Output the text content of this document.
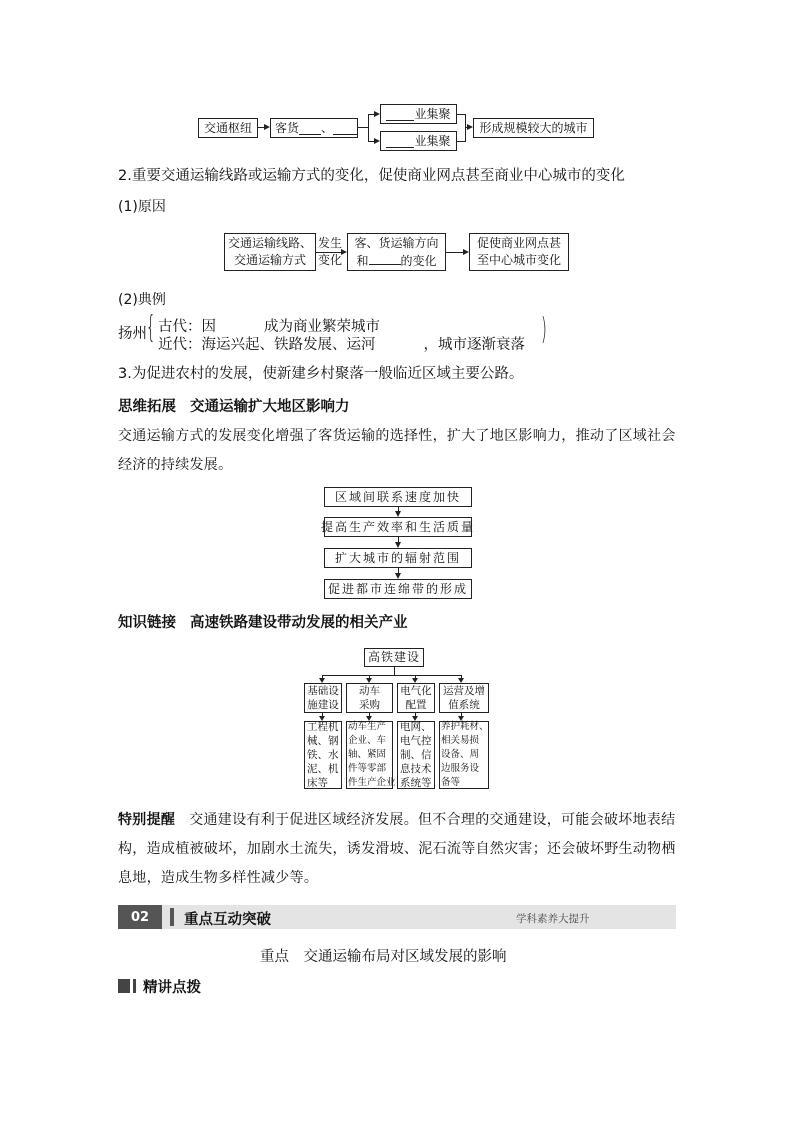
交通枢纽 客货 、
业集聚
业集聚
形成规模较大的城市
2.重要交通运输线路或运输方式的变化，促使商业网点甚至商业中心城市的变化
(1)原因
交通运输线路、
交通运输方式
发生
变化
客、货运输方向
和	的变化
促使商业网点甚
至中心城市变化
(2)典例
扬州 { 古代：因	成为商业繁荣城市
近代：海运兴起、铁路发展、运河	，城市逐渐衰落 )
3.为促进农村的发展，使新建乡村聚落一般临近区域主要公路。
思维拓展 交通运输扩大地区影响力
交通运输方式的发展变化增强了客货运输的选择性，扩大了地区影响力，推动了区域社会经济的持续发展。
区域间联系速度加快
提高生产效率和生活质量
扩大城市的辐射范围
促进都市连绵带的形成
知识链接 高速铁路建设带动发展的相关产业
高铁建设
基础设
施建设
动车
采购
电气化
配置
运营及增
值系统
工程机
械、钢
铁、水
泥、机
床等
动车生产
企业、车
轴、紧固
件等零部
件生产企业
电网、
电气控
制、信
息技术
系统等
养护耗材、
相关易损
设备、周
边服务设
备等
特别提醒 交通建设有利于促进区域经济发展。但不合理的交通建设，可能会破坏地表结构，造成植被破坏，加剧水土流失，诱发滑坡、泥石流等自然灾害；还会破坏野生动物栖息地，造成生物多样性减少等。
02 重点互动突破	学科素养大提升
重点　交通运输布局对区域发展的影响
精讲点拨
